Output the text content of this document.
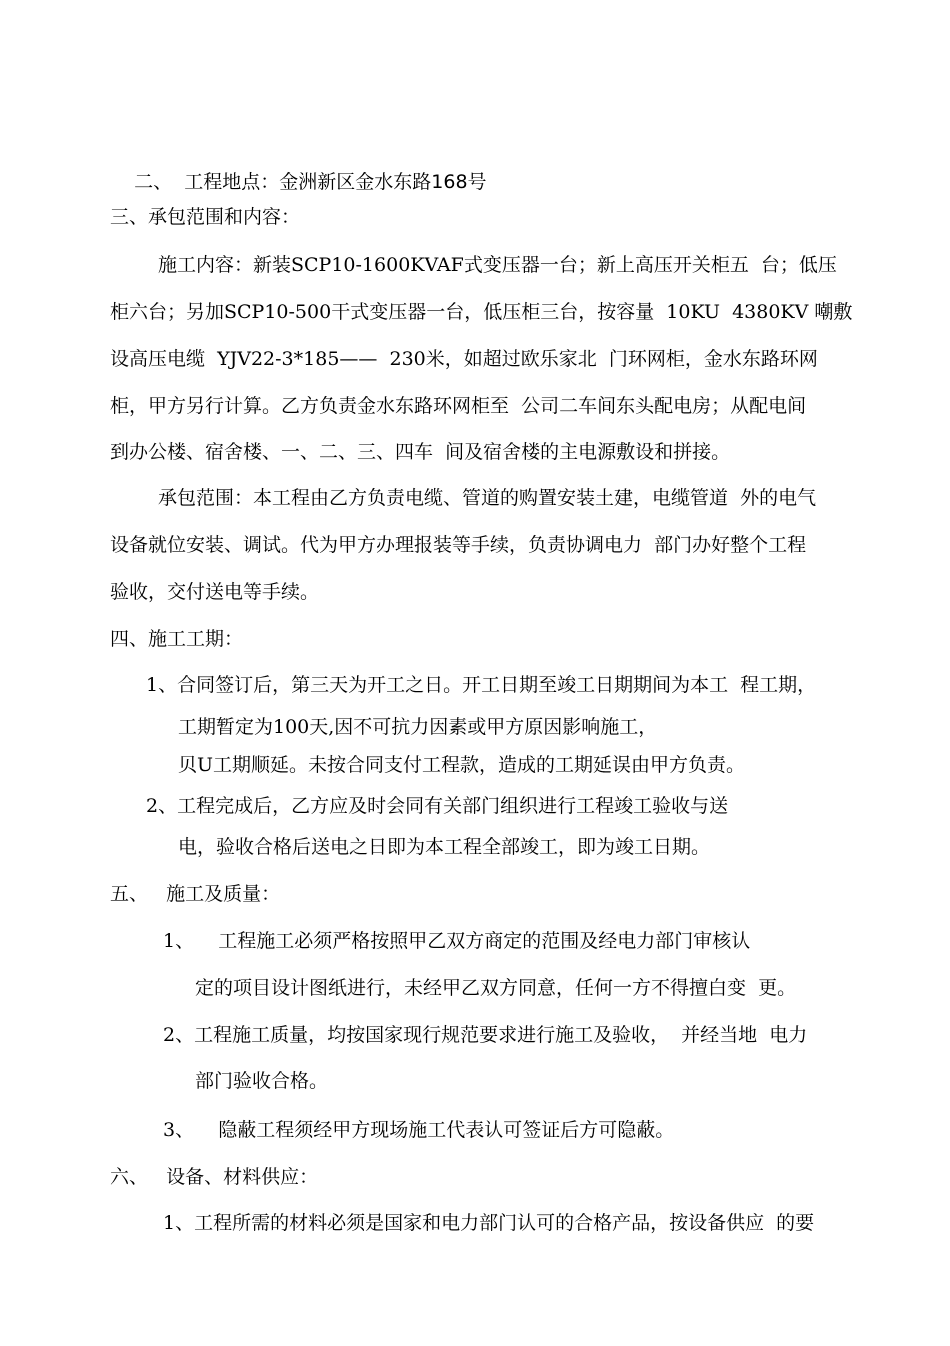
二、  工程地点：金洲新区金水东路168号

三、承包范围和内容：
施工内容：新装SCP10-1600KVAF式变压器一台；新上高压开关柜五  台；低压
柜六台；另加SCP10-500干式变压器一台，低压柜三台，按容量  10KU  4380KV 嘲敷
设高压电缆  YJV22-3*185——  230米，如超过欧乐家北  门环网柜，金水东路环网
柜，甲方另行计算。乙方负责金水东路环网柜至  公司二车间东头配电房；从配电间
到办公楼、宿舍楼、一、二、三、四车  间及宿舍楼的主电源敷设和拼接。
承包范围：本工程由乙方负责电缆、管道的购置安装土建，电缆管道  外的电气
设备就位安装、调试。代为甲方办理报装等手续，负责协调电力  部门办好整个工程
验收，交付送电等手续。
四、施工工期：
1、合同签订后，第三天为开工之日。开工日期至竣工日期期间为本工  程工期，
工期暂定为100天,因不可抗力因素或甲方原因影响施工，
贝U工期顺延。未按合同支付工程款，造成的工期延误由甲方负责。
2、工程完成后，乙方应及时会同有关部门组织进行工程竣工验收与送
电，验收合格后送电之日即为本工程全部竣工，即为竣工日期。
五、   施工及质量：
1、    工程施工必须严格按照甲乙双方商定的范围及经电力部门审核认
定的项目设计图纸进行，未经甲乙双方同意，任何一方不得擅白变  更。
2、工程施工质量，均按国家现行规范要求进行施工及验收，  并经当地  电力
部门验收合格。
3、    隐蔽工程须经甲方现场施工代表认可签证后方可隐蔽。
六、   设备、材料供应：
1、工程所需的材料必须是国家和电力部门认可的合格产品，按设备供应  的要
